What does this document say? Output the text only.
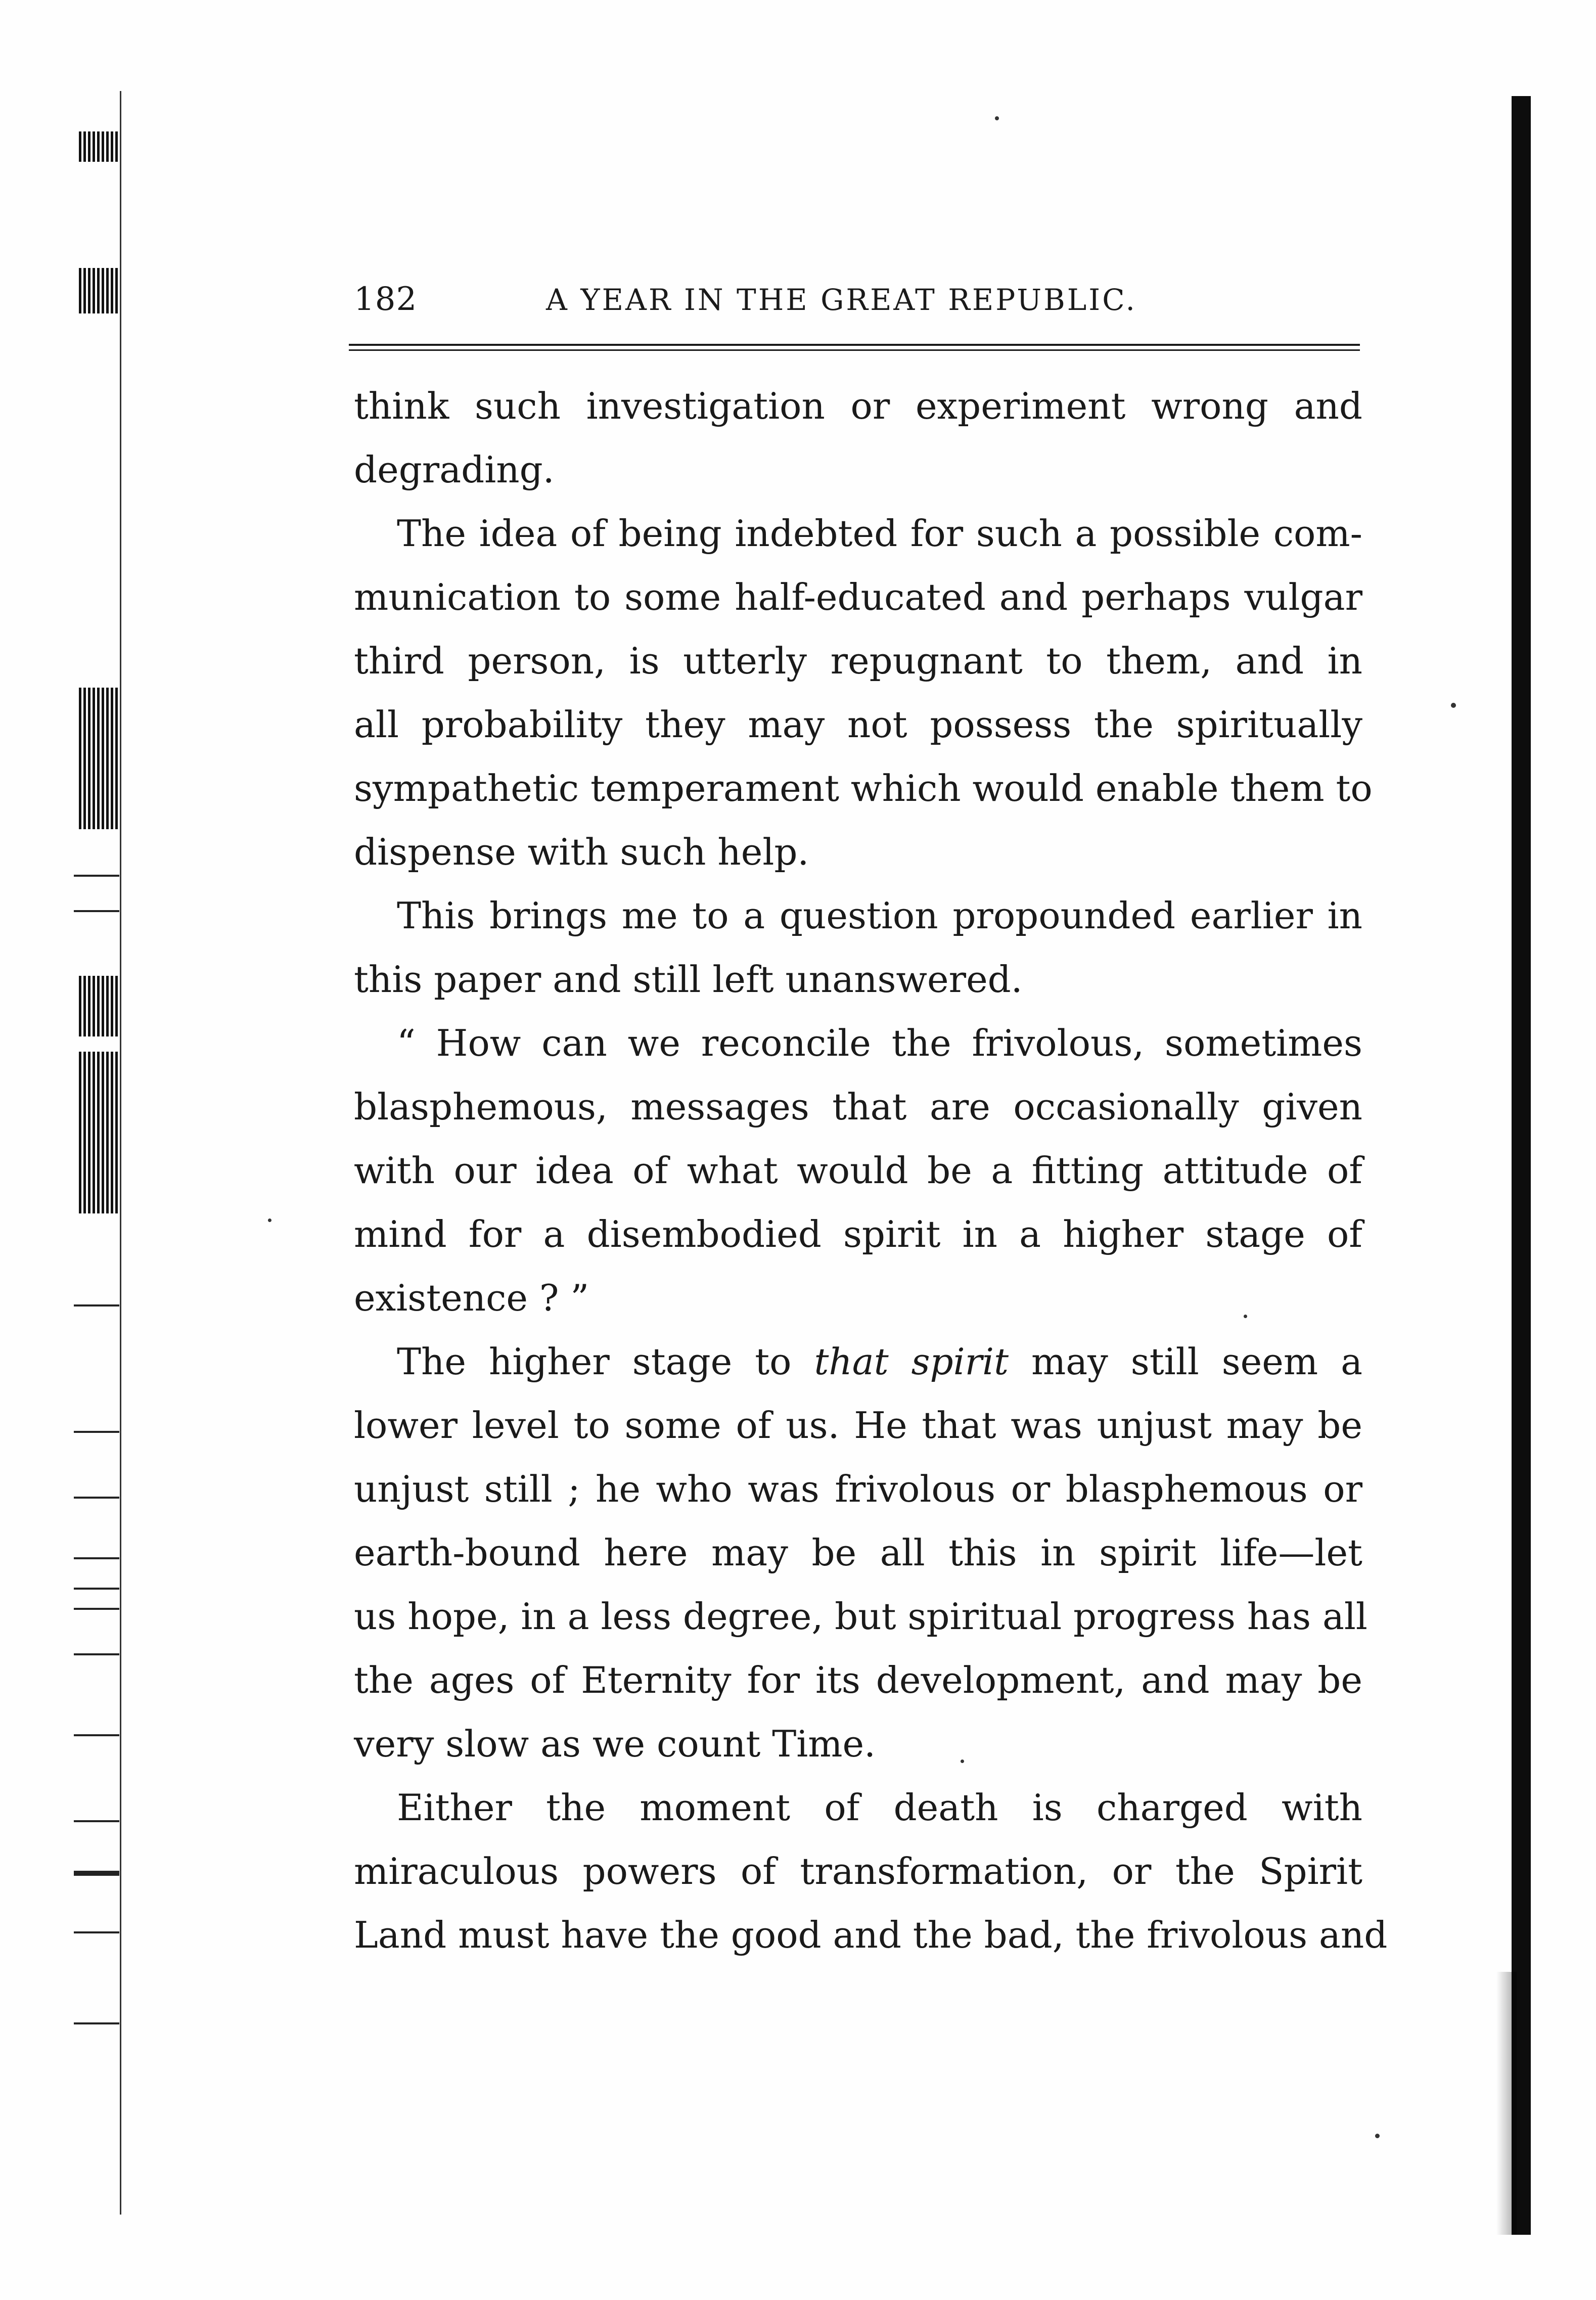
182	A YEAR IN THE GREAT REPUBLIC.
think such investigation or experiment wrong and
degrading.
The idea of being indebted for such a possible com-
munication to some half-educated and perhaps vulgar
third person, is utterly repugnant to them, and in
all probability they may not possess the spiritually
sympathetic temperament which would enable them to
dispense with such help.
This brings me to a question propounded earlier in
this paper and still left unanswered.
“ How can we reconcile the frivolous, sometimes
blasphemous, messages that are occasionally given
with our idea of what would be a fitting attitude of
mind for a disembodied spirit in a higher stage of
existence ? ”
The higher stage to that spirit may still seem a
lower level to some of us. He that was unjust may be
unjust still ; he who was frivolous or blasphemous or
earth-bound here may be all this in spirit life—let
us hope, in a less degree, but spiritual progress has all
the ages of Eternity for its development, and may be
very slow as we count Time.
Either the moment of death is charged with
miraculous powers of transformation, or the Spirit
Land must have the good and the bad, the frivolous and
